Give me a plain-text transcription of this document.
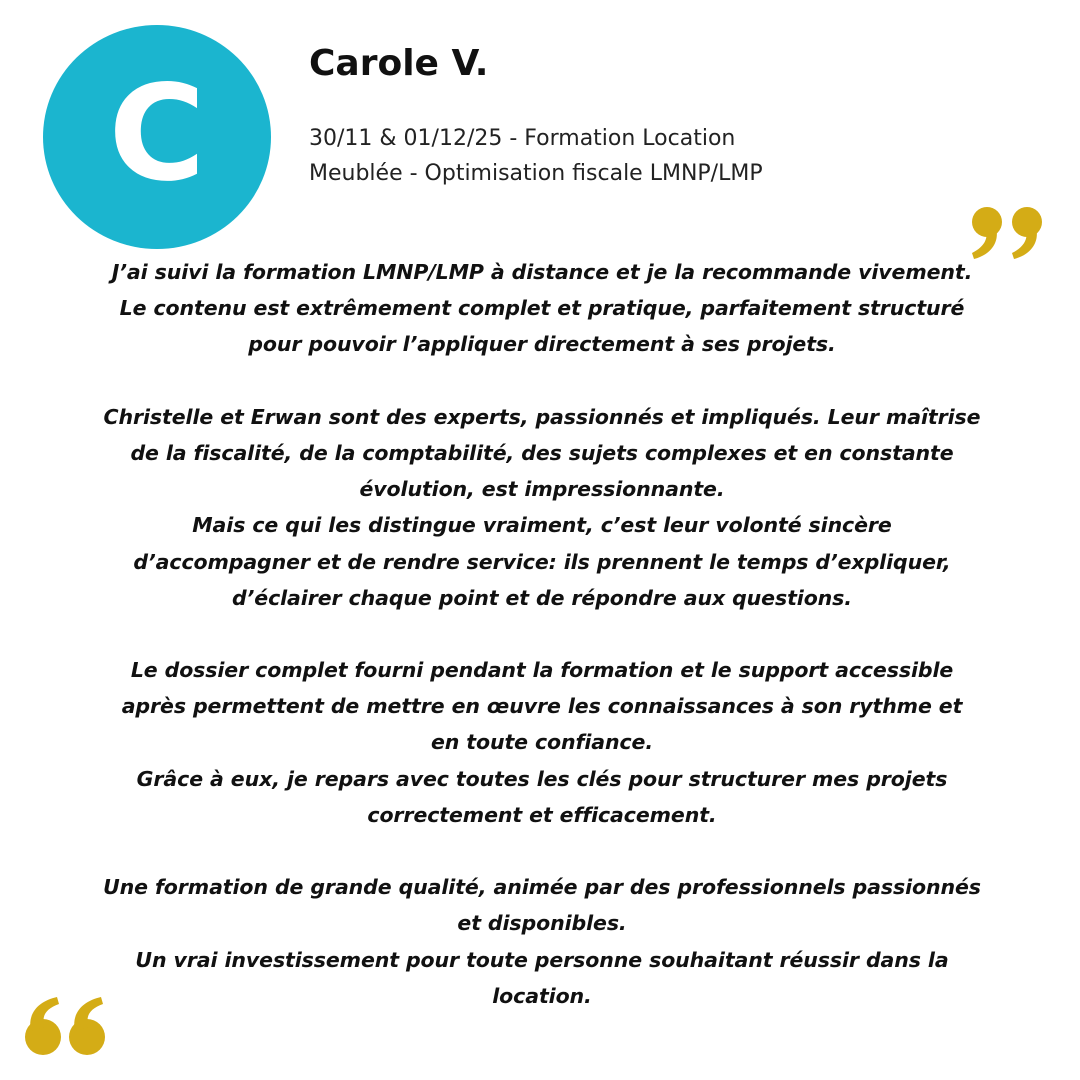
C	Carole V.
30/11 & 01/12/25 - Formation Location
Meublée - Optimisation fiscale LMNP/LMP
J’ai suivi la formation LMNP/LMP à distance et je la recommande vivement.
Le contenu est extrêmement complet et pratique, parfaitement structuré
pour pouvoir l’appliquer directement à ses projets.
Christelle et Erwan sont des experts, passionnés et impliqués. Leur maîtrise
de la fiscalité, de la comptabilité, des sujets complexes et en constante
évolution, est impressionnante.
Mais ce qui les distingue vraiment, c’est leur volonté sincère
d’accompagner et de rendre service: ils prennent le temps d’expliquer,
d’éclairer chaque point et de répondre aux questions.
Le dossier complet fourni pendant la formation et le support accessible
après permettent de mettre en œuvre les connaissances à son rythme et
en toute confiance.
Grâce à eux, je repars avec toutes les clés pour structurer mes projets
correctement et efficacement.
Une formation de grande qualité, animée par des professionnels passionnés
et disponibles.
Un vrai investissement pour toute personne souhaitant réussir dans la
location.
